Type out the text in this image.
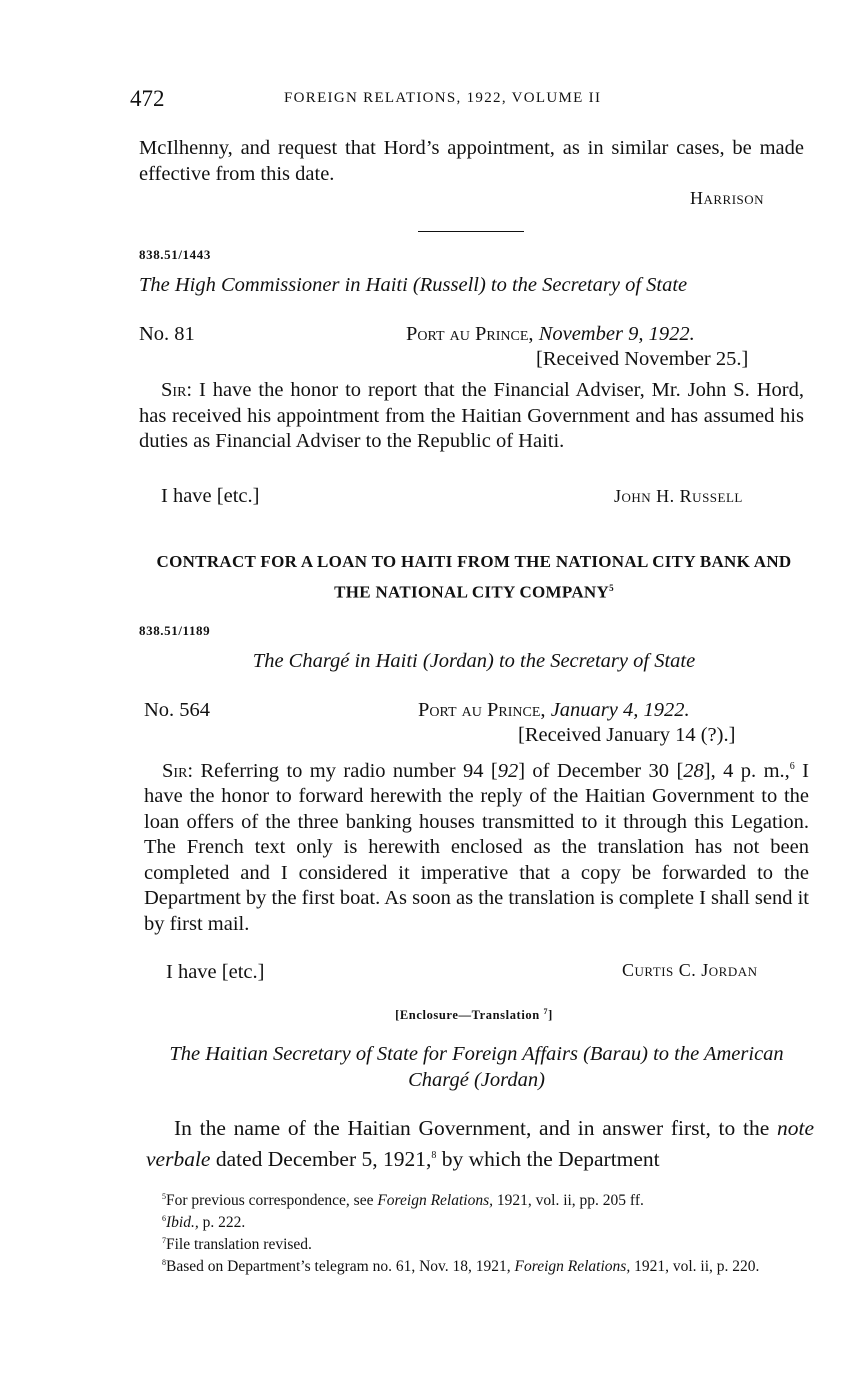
472	FOREIGN RELATIONS, 1922, VOLUME II
McIlhenny, and request that Hord’s appointment, as in similar cases, be made effective from this date.
Harrison
838.51/1443
The High Commissioner in Haiti (Russell) to the Secretary of State
No. 81	Port au Prince, November 9, 1922.
[Received November 25.]
Sir: I have the honor to report that the Financial Adviser, Mr. John S. Hord, has received his appointment from the Haitian Government and has assumed his duties as Financial Adviser to the Republic of Haiti.
I have [etc.]	John H. Russell
CONTRACT FOR A LOAN TO HAITI FROM THE NATIONAL CITY BANK AND THE NATIONAL CITY COMPANY$^5$
838.51/1189
The Chargé in Haiti (Jordan) to the Secretary of State
No. 564	Port au Prince, January 4, 1922.
[Received January 14 (?).]
Sir: Referring to my radio number 94 [92] of December 30 [28], 4 p. m.,$^6$ I have the honor to forward herewith the reply of the Haitian Government to the loan offers of the three banking houses transmitted to it through this Legation. The French text only is herewith enclosed as the translation has not been completed and I considered it imperative that a copy be forwarded to the Department by the first boat. As soon as the translation is complete I shall send it by first mail.
I have [etc.]	Curtis C. Jordan
[Enclosure—Translation $^7$]
The Haitian Secretary of State for Foreign Affairs (Barau) to the American Chargé (Jordan)
In the name of the Haitian Government, and in answer first, to the note verbale dated December 5, 1921,$^8$ by which the Department
$^5$For previous correspondence, see Foreign Relations, 1921, vol. ii, pp. 205 ff.
$^6$Ibid., p. 222.
$^7$File translation revised.
$^8$Based on Department’s telegram no. 61, Nov. 18, 1921, Foreign Relations, 1921, vol. ii, p. 220.
